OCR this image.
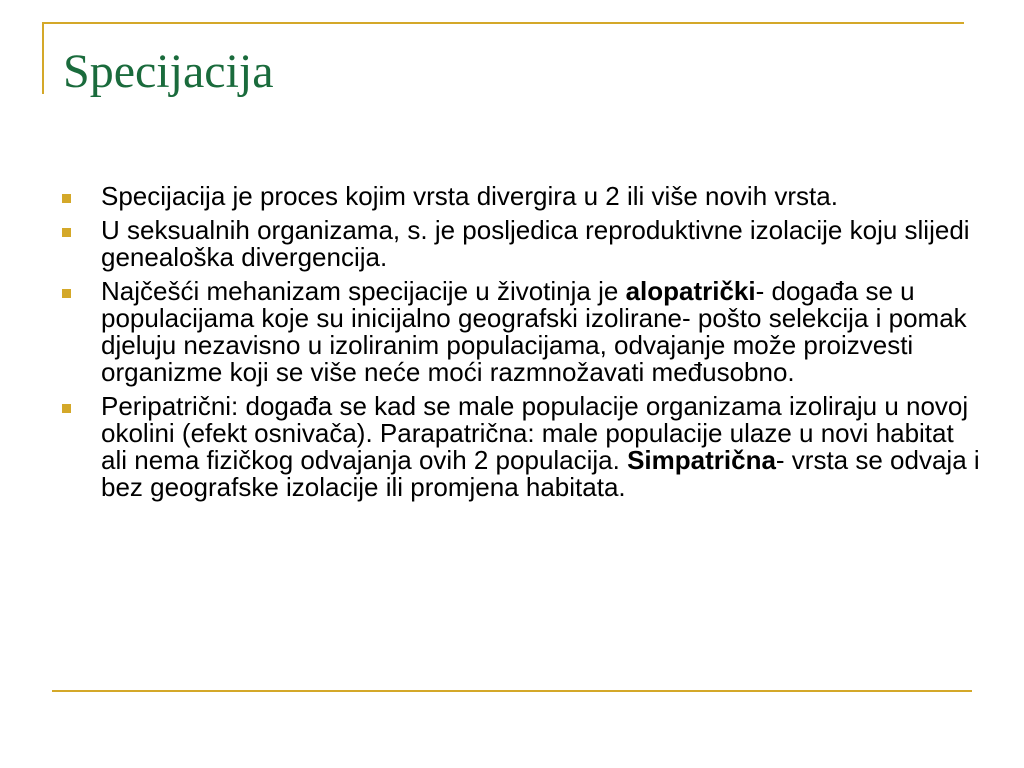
Specijacija
Specijacija je proces kojim vrsta divergira u 2 ili više novih vrsta.
U seksualnih organizama, s. je posljedica reproduktivne izolacije koju slijedi genealoška divergencija.
Najčešći mehanizam specijacije u životinja je alopatrički- događa se u populacijama koje su inicijalno geografski izolirane- pošto selekcija i pomak djeluju nezavisno u izoliranim populacijama, odvajanje može proizvesti organizme koji se više neće moći razmnožavati međusobno.
Peripatrični: događa se kad se male populacije organizama izoliraju u novoj okolini (efekt osnivača). Parapatrična: male populacije ulaze u novi habitat ali nema fizičkog odvajanja ovih 2 populacija. Simpatrična- vrsta se odvaja i bez geografske izolacije ili promjena habitata.
